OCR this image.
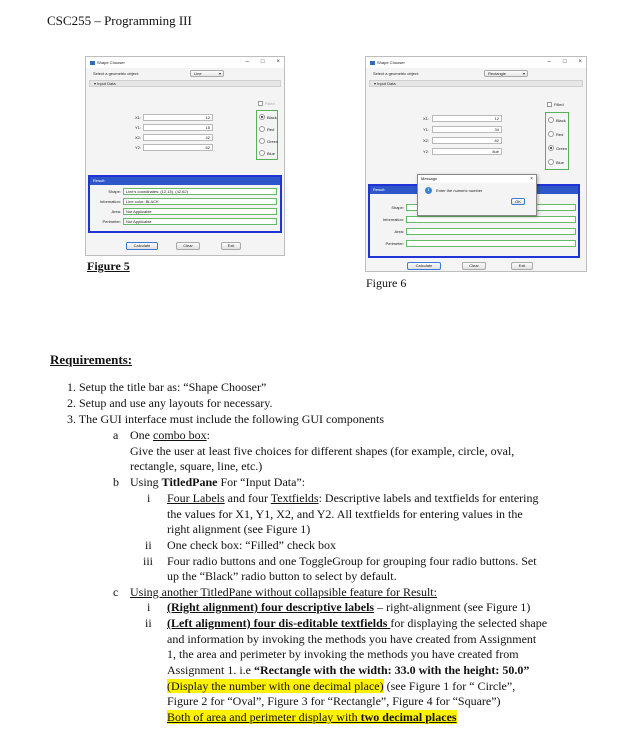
CSC255 – Programming III
Shape Chooser	– □ ×
Select a geometric object:	Line	▾
▾ Input Data
X1:	12
Y1:	15
X2:	42
Y2:	62
Filled
Black
Red
Green
Blue
Result:
Shape:	Line's coordinates: (12,15), (42,62)
Information:	Line color: BLACK
Area:	Not Applicable
Perimeter:	Not Applicable
Calculate	Clear	Exit
Figure 5
Shape Chooser	– □ ×
Select a geometric object:	Rectangle	▾
▾ Input Data
X1:	12
Y1:	34
X2:	82
Y2:	8ue
Filled
Black
Red
Green
Blue
Result:
Shape:
Information:
Area:
Perimeter:
Message	×
i	Enter the numeric number
OK
Calculate	Clear	Exit
Figure 6
Requirements:
1. Setup the title bar as: “Shape Chooser”
2. Setup and use any layouts for necessary.
3. The GUI interface must include the following GUI components
a One combo box:
Give the user at least five choices for different shapes (for example, circle, oval,
rectangle, square, line, etc.)
b Using TitledPane For “Input Data”:
i Four Labels and four Textfields: Descriptive labels and textfields for entering
the values for X1, Y1, X2, and Y2. All textfields for entering values in the
right alignment (see Figure 1)
ii One check box: “Filled” check box
iii Four radio buttons and one ToggleGroup for grouping four radio buttons. Set
up the “Black” radio button to select by default.
c Using another TitledPane without collapsible feature for Result:
i (Right alignment) four descriptive labels – right-alignment (see Figure 1)
ii (Left alignment) four dis-editable textfields for displaying the selected shape
and information by invoking the methods you have created from Assignment
1, the area and perimeter by invoking the methods you have created from
Assignment 1. i.e “Rectangle with the width: 33.0 with the height: 50.0”
(Display the number with one decimal place) (see Figure 1 for “ Circle”,
Figure 2 for “Oval”, Figure 3 for “Rectangle”, Figure 4 for “Square”)
Both of area and perimeter display with two decimal places
